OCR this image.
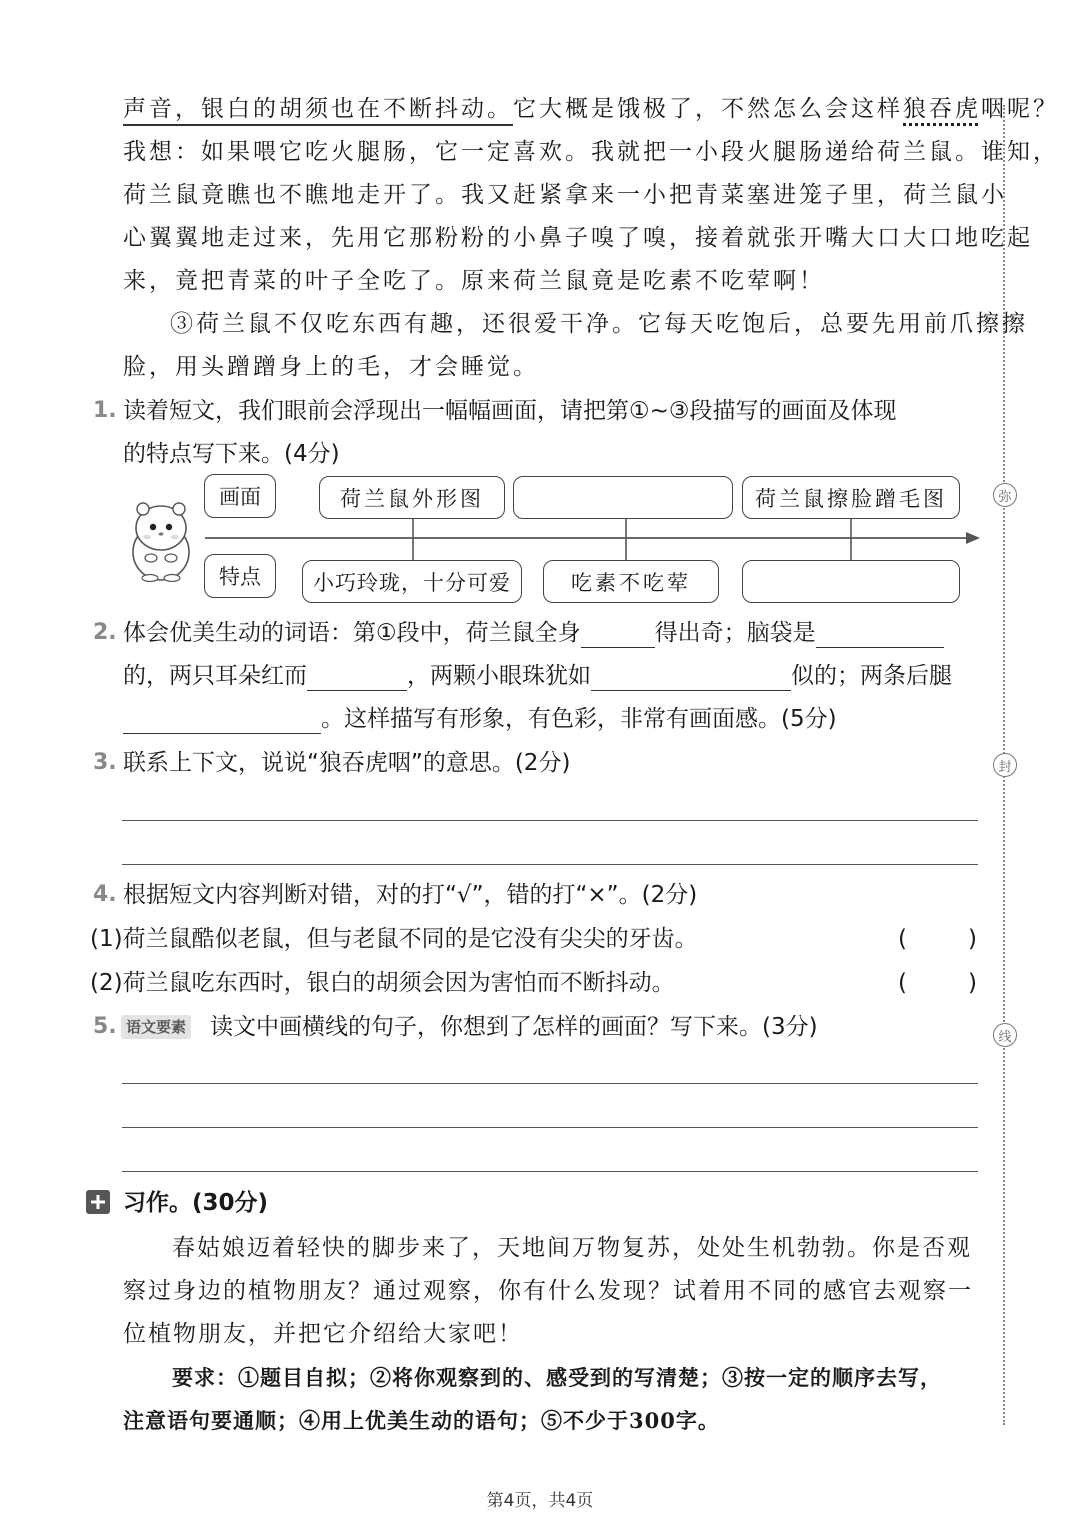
弥
封
线
声音，银白的胡须也在不断抖动。它大概是饿极了，不然怎么会这样狼吞虎咽呢？
我想：如果喂它吃火腿肠，它一定喜欢。我就把一小段火腿肠递给荷兰鼠。谁知，
荷兰鼠竟瞧也不瞧地走开了。我又赶紧拿来一小把青菜塞进笼子里，荷兰鼠小
心翼翼地走过来，先用它那粉粉的小鼻子嗅了嗅，接着就张开嘴大口大口地吃起
来，竟把青菜的叶子全吃了。原来荷兰鼠竟是吃素不吃荤啊！
③荷兰鼠不仅吃东西有趣，还很爱干净。它每天吃饱后，总要先用前爪擦擦
脸，用头蹭蹭身上的毛，才会睡觉。
1. 读着短文，我们眼前会浮现出一幅幅画面，请把第①~③段描写的画面及体现
的特点写下来。(4分)
画面
特点
荷兰鼠外形图	荷兰鼠擦脸蹭毛图
小巧玲珑，十分可爱	吃素不吃荤
2. 体会优美生动的词语：第①段中，荷兰鼠全身	得出奇；脑袋是
的，两只耳朵红而	，两颗小眼珠犹如	似的；两条后腿
。这样描写有形象，有色彩，非常有画面感。(5分)
3. 联系上下文，说说“狼吞虎咽”的意思。(2分)
4. 根据短文内容判断对错，对的打“√”，错的打“×”。(2分)
(1)荷兰鼠酷似老鼠，但与老鼠不同的是它没有尖尖的牙齿。	(	)
(2)荷兰鼠吃东西时，银白的胡须会因为害怕而不断抖动。	(	)
5. 语文要素 读文中画横线的句子，你想到了怎样的画面？写下来。(3分)
习作。(30分)
春姑娘迈着轻快的脚步来了，天地间万物复苏，处处生机勃勃。你是否观
察过身边的植物朋友？通过观察，你有什么发现？试着用不同的感官去观察一
位植物朋友，并把它介绍给大家吧！
要求：①题目自拟；②将你观察到的、感受到的写清楚；③按一定的顺序去写，
注意语句要通顺；④用上优美生动的语句；⑤不少于300字。
第4页，共4页
